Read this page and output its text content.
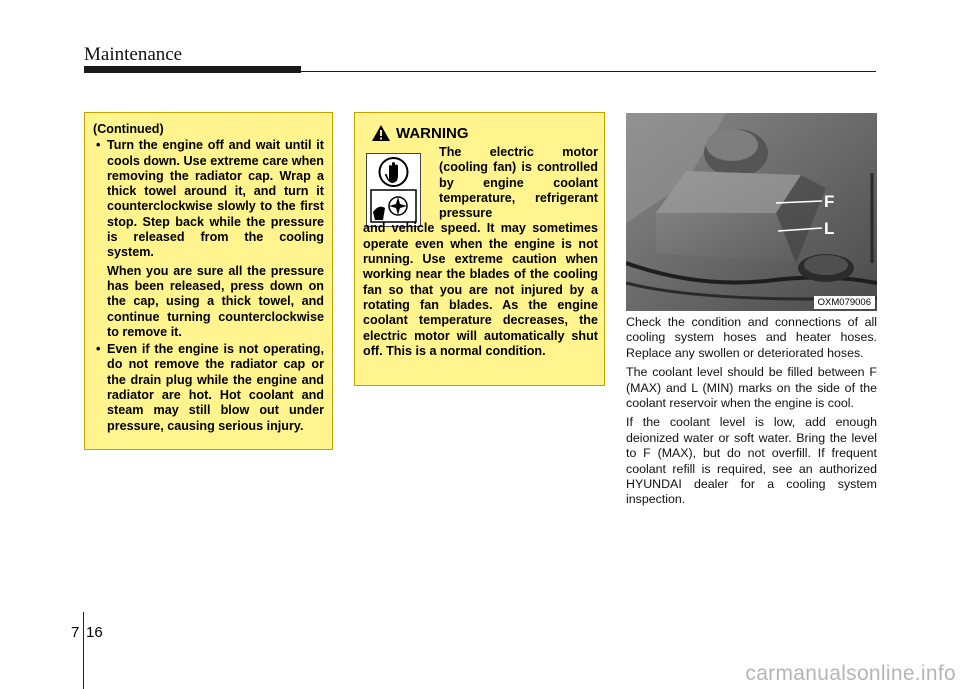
Maintenance
(Continued)
• Turn the engine off and wait until it cools down. Use extreme care when removing the radiator cap. Wrap a thick towel around it, and turn it counterclockwise slowly to the first stop. Step back while the pressure is released from the cooling system.
When you are sure all the pressure has been released, press down on the cap, using a thick towel, and continue turning counterclockwise to remove it.
• Even if the engine is not operating, do not remove the radiator cap or the drain plug while the engine and radiator are hot. Hot coolant and steam may still blow out under pressure, causing serious injury.
WARNING

The electric motor (cooling fan) is controlled by engine coolant temperature, refrigerant pressure

and vehicle speed. It may sometimes operate even when the engine is not running. Use extreme caution when working near the blades of the cooling fan so that you are not injured by a rotating fan blades. As the engine coolant temperature decreases, the electric motor will automatically shut off. This is a normal condition.

F
L
OXM079006

Check the condition and connections of all cooling system hoses and heater hoses. Replace any swollen or deteriorated hoses.

The coolant level should be filled between F (MAX) and L (MIN) marks on the side of the coolant reservoir when the engine is cool.

If the coolant level is low, add enough deionized water or soft water. Bring the level to F (MAX), but do not overfill. If frequent coolant refill is required, see an authorized HYUNDAI dealer for a cooling system inspection.

7 16
carmanualsonline.info
